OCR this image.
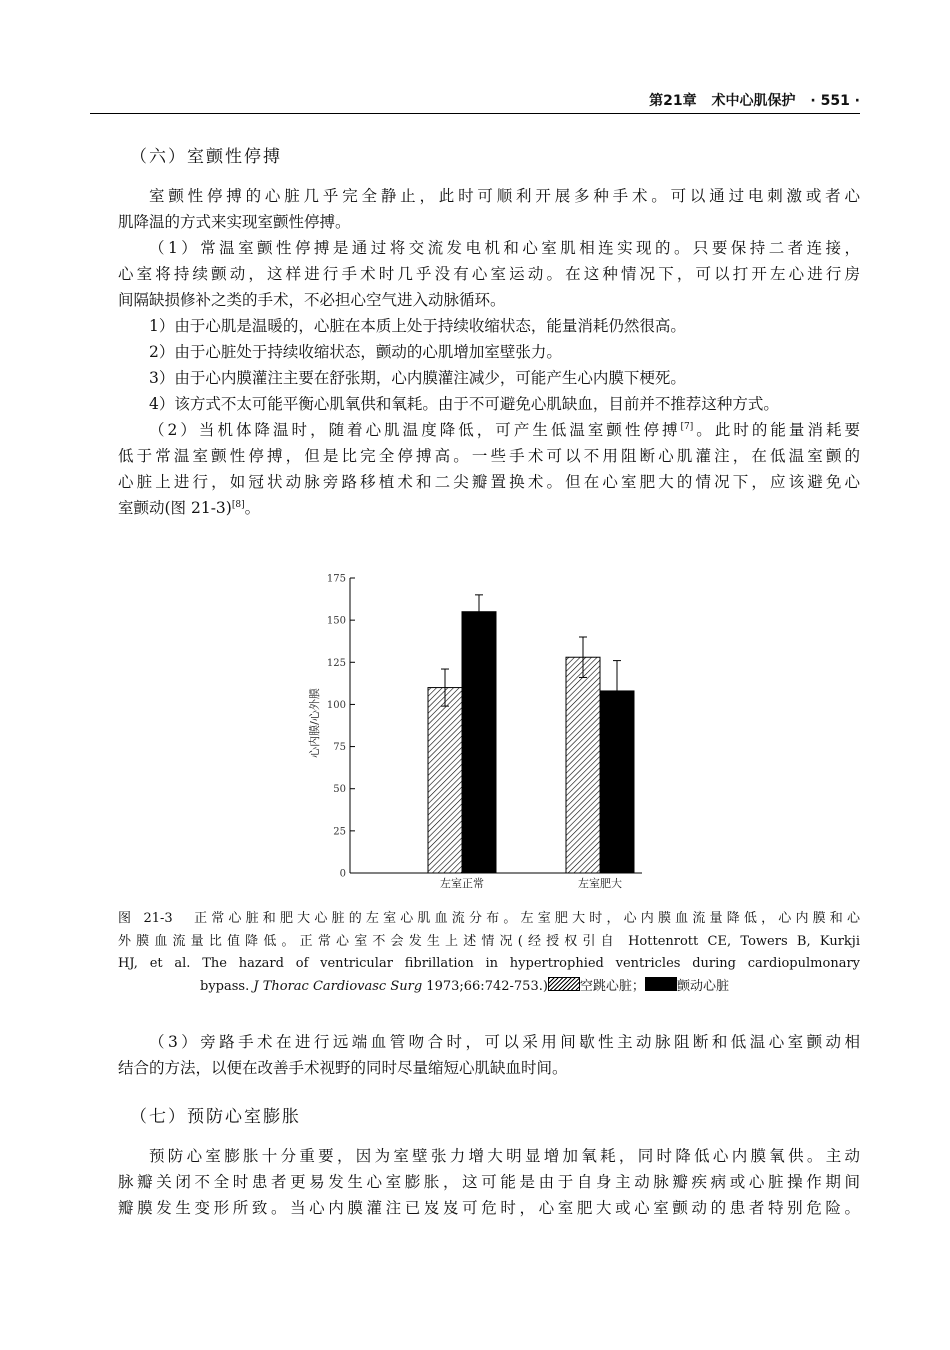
第21章 术中心肌保护 · 551 ·
（六）室颤性停搏

室颤性停搏的心脏几乎完全静止，此时可顺利开展多种手术。可以通过电刺激或者心
肌降温的方式来实现室颤性停搏。

（1）常温室颤性停搏是通过将交流发电机和心室肌相连实现的。只要保持二者连接，
心室将持续颤动，这样进行手术时几乎没有心室运动。在这种情况下，可以打开左心进行房
间隔缺损修补之类的手术，不必担心空气进入动脉循环。

1）由于心肌是温暖的，心脏在本质上处于持续收缩状态，能量消耗仍然很高。

2）由于心脏处于持续收缩状态，颤动的心肌增加室壁张力。

3）由于心内膜灌注主要在舒张期，心内膜灌注减少，可能产生心内膜下梗死。

4）该方式不太可能平衡心肌氧供和氧耗。由于不可避免心肌缺血，目前并不推荐这种方式。

（2）当机体降温时，随着心肌温度降低，可产生低温室颤性停搏[7]。此时的能量消耗要
低于常温室颤性停搏，但是比完全停搏高。一些手术可以不用阻断心肌灌注，在低温室颤的
心脏上进行，如冠状动脉旁路移植术和二尖瓣置换术。但在心室肥大的情况下，应该避免心
室颤动(图 21-3)[8]。

0
25
50
75
100
125
150
175
左室正常	左室肥大
心内膜/心外膜
图 21-3　正常心脏和肥大心脏的左室心肌血流分布。左室肥大时，心内膜血流量降低，心内膜和心
外膜血流量比值降低。正常心室不会发生上述情况(经授权引自 Hottenrott CE, Towers B, Kurkji
HJ, et al. The hazard of ventricular fibrillation in hypertrophied ventricles during cardiopulmonary
bypass. J Thorac Cardiovasc Surg 1973;66:742-753.) 空跳心脏； 颤动心脏

（3）旁路手术在进行远端血管吻合时，可以采用间歇性主动脉阻断和低温心室颤动相
结合的方法，以便在改善手术视野的同时尽量缩短心肌缺血时间。

（七）预防心室膨胀

预防心室膨胀十分重要，因为室壁张力增大明显增加氧耗，同时降低心内膜氧供。主动
脉瓣关闭不全时患者更易发生心室膨胀，这可能是由于自身主动脉瓣疾病或心脏操作期间
瓣膜发生变形所致。当心内膜灌注已岌岌可危时，心室肥大或心室颤动的患者特别危险。
